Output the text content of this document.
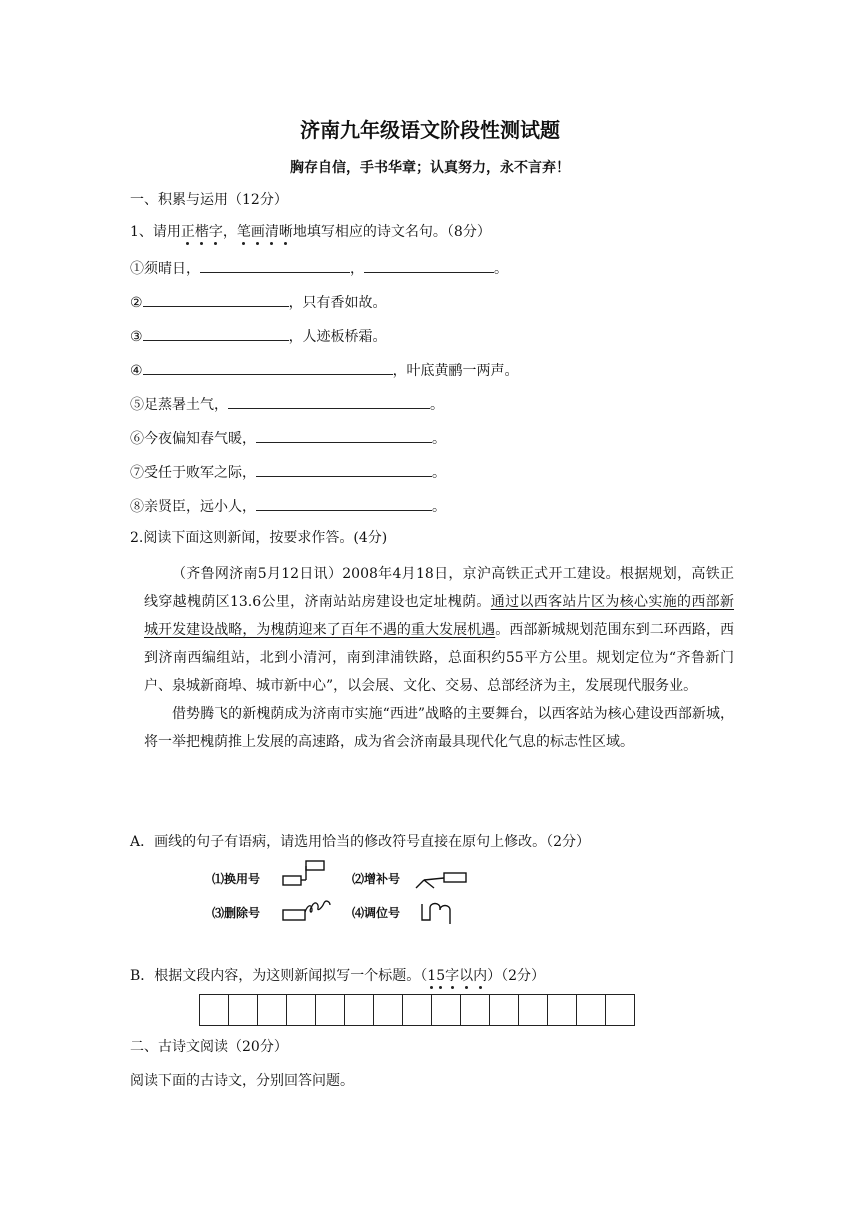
济南九年级语文阶段性测试题
胸存自信，手书华章；认真努力，永不言弃！
一、积累与运用（12分）
1、请用正楷字，笔画清晰地填写相应的诗文名句。（8分）
①须晴日，	，	。
②	，只有香如故。
③	，人迹板桥霜。
④	，叶底黄鹂一两声。
⑤足蒸暑土气，	。
⑥今夜偏知春气暖，	。
⑦受任于败军之际，	。
⑧亲贤臣，远小人，	。
2.阅读下面这则新闻，按要求作答。(4分)

（齐鲁网济南5月12日讯）2008年4月18日，京沪高铁正式开工建设。根据规划，高铁正线穿越槐荫区13.6公里，济南站站房建设也定址槐荫。通过以西客站片区为核心实施的西部新城开发建设战略，为槐荫迎来了百年不遇的重大发展机遇。西部新城规划范围东到二环西路，西到济南西编组站，北到小清河，南到津浦铁路，总面积约55平方公里。规划定位为“齐鲁新门户、泉城新商埠、城市新中心”，以会展、文化、交易、总部经济为主，发展现代服务业。

借势腾飞的新槐荫成为济南市实施“西进”战略的主要舞台，以西客站为核心建设西部新城，将一举把槐荫推上发展的高速路，成为省会济南最具现代化气息的标志性区域。

A．画线的句子有语病，请选用恰当的修改符号直接在原句上修改。（2分）
⑴换用号	⑵增补号
⑶删除号	⑷调位号
B．根据文段内容，为这则新闻拟写一个标题。（15字以内）（2分）
二、古诗文阅读（20分）
阅读下面的古诗文，分别回答问题。
